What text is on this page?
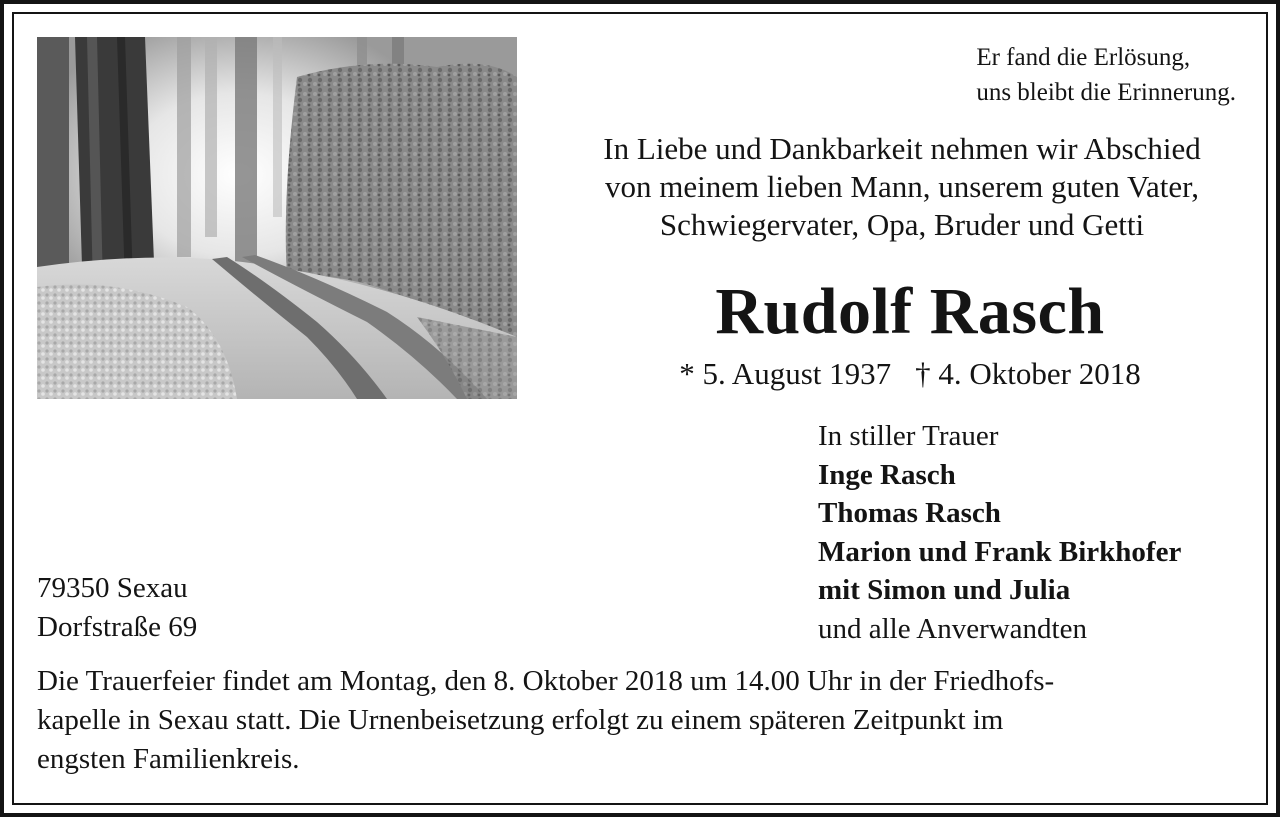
Er fand die Erlösung,
uns bleibt die Erinnerung.
In Liebe und Dankbarkeit nehmen wir Abschied
von meinem lieben Mann, unserem guten Vater,
Schwiegervater, Opa, Bruder und Getti
Rudolf Rasch
* 5. August 1937 † 4. Oktober 2018
In stiller Trauer
Inge Rasch
Thomas Rasch
Marion und Frank Birkhofer
mit Simon und Julia
und alle Anverwandten
79350 Sexau
Dorfstraße 69
Die Trauerfeier findet am Montag, den 8. Oktober 2018 um 14.00 Uhr in der Friedhofs-
kapelle in Sexau statt. Die Urnenbeisetzung erfolgt zu einem späteren Zeitpunkt im
engsten Familienkreis.
